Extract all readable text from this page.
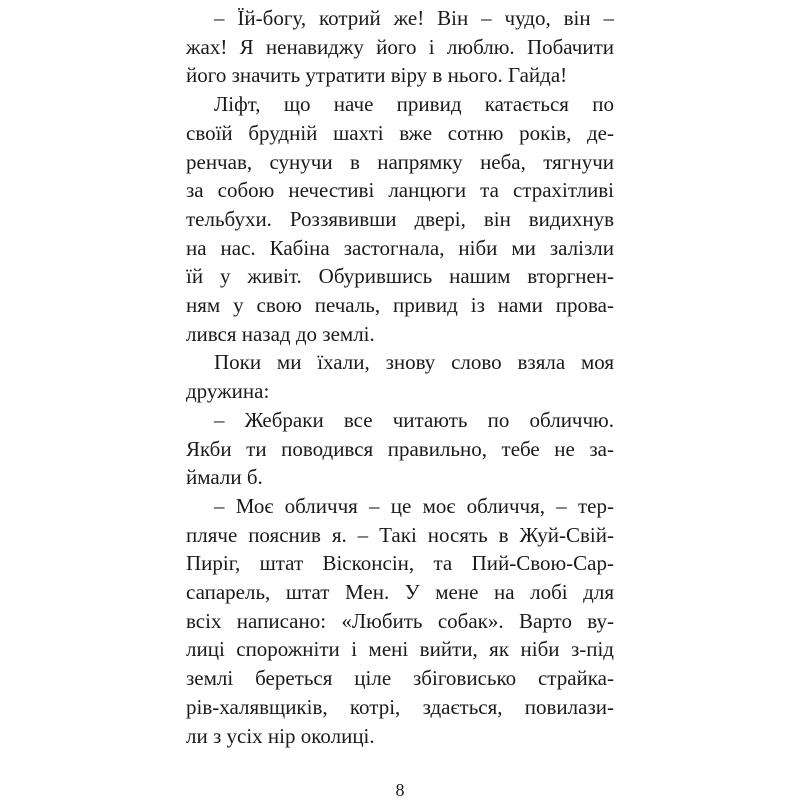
– Їй-богу, котрий же! Він – чудо, він –
жах! Я ненавиджу його і люблю. Побачити
його значить утратити віру в нього. Гайда!
Ліфт, що наче привид катається по
своїй брудній шахті вже сотню років, де-
ренчав, сунучи в напрямку неба, тягнучи
за собою нечестиві ланцюги та страхітливі
тельбухи. Роззявивши двері, він видихнув
на нас. Кабіна застогнала, ніби ми залізли
їй у живіт. Обурившись нашим вторгнен-
ням у свою печаль, привид із нами прова-
лився назад до землі.
Поки ми їхали, знову слово взяла моя
дружина:
– Жебраки все читають по обличчю.
Якби ти поводився правильно, тебе не за-
ймали б.
– Моє обличчя – це моє обличчя, – тер-
пляче пояснив я. – Такі носять в Жуй-Свій-
Пиріг, штат Вісконсін, та Пий-Свою-Сар-
сапарель, штат Мен. У мене на лобі для
всіх написано: «Любить собак». Варто ву-
лиці спорожніти і мені вийти, як ніби з-під
землі береться ціле збіговисько страйка-
рів-халявщиків, котрі, здається, повилази-
ли з усіх нір околиці.
8
